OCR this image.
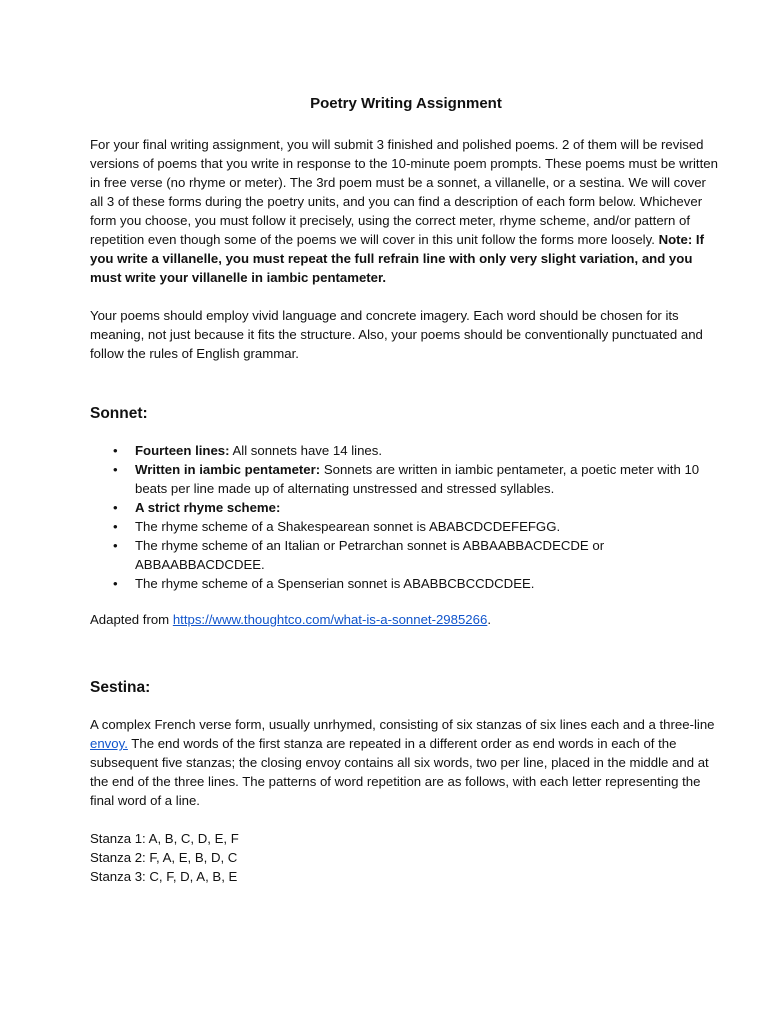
Poetry Writing Assignment

For your final writing assignment, you will submit 3 finished and polished poems. 2 of them will be revised versions of poems that you write in response to the 10-minute poem prompts. These poems must be written in free verse (no rhyme or meter). The 3rd poem must be a sonnet, a villanelle, or a sestina. We will cover all 3 of these forms during the poetry units, and you can find a description of each form below. Whichever form you choose, you must follow it precisely, using the correct meter, rhyme scheme, and/or pattern of repetition even though some of the poems we will cover in this unit follow the forms more loosely. Note: If you write a villanelle, you must repeat the full refrain line with only very slight variation, and you must write your villanelle in iambic pentameter.

Your poems should employ vivid language and concrete imagery. Each word should be chosen for its meaning, not just because it fits the structure. Also, your poems should be conventionally punctuated and follow the rules of English grammar.

Sonnet:
• Fourteen lines: All sonnets have 14 lines.
• Written in iambic pentameter: Sonnets are written in iambic pentameter, a poetic meter with 10 beats per line made up of alternating unstressed and stressed syllables.
• A strict rhyme scheme:
• The rhyme scheme of a Shakespearean sonnet is ABABCDCDEFEFGG.
• The rhyme scheme of an Italian or Petrarchan sonnet is ABBAABBACDECDE or ABBAABBACDCDEE.
• The rhyme scheme of a Spenserian sonnet is ABABBCBCCDCDEE.

Adapted from https://www.thoughtco.com/what-is-a-sonnet-2985266.

Sestina:

A complex French verse form, usually unrhymed, consisting of six stanzas of six lines each and a three-line envoy. The end words of the first stanza are repeated in a different order as end words in each of the subsequent five stanzas; the closing envoy contains all six words, two per line, placed in the middle and at the end of the three lines. The patterns of word repetition are as follows, with each letter representing the final word of a line.

Stanza 1: A, B, C, D, E, F

Stanza 2: F, A, E, B, D, C

Stanza 3: C, F, D, A, B, E
